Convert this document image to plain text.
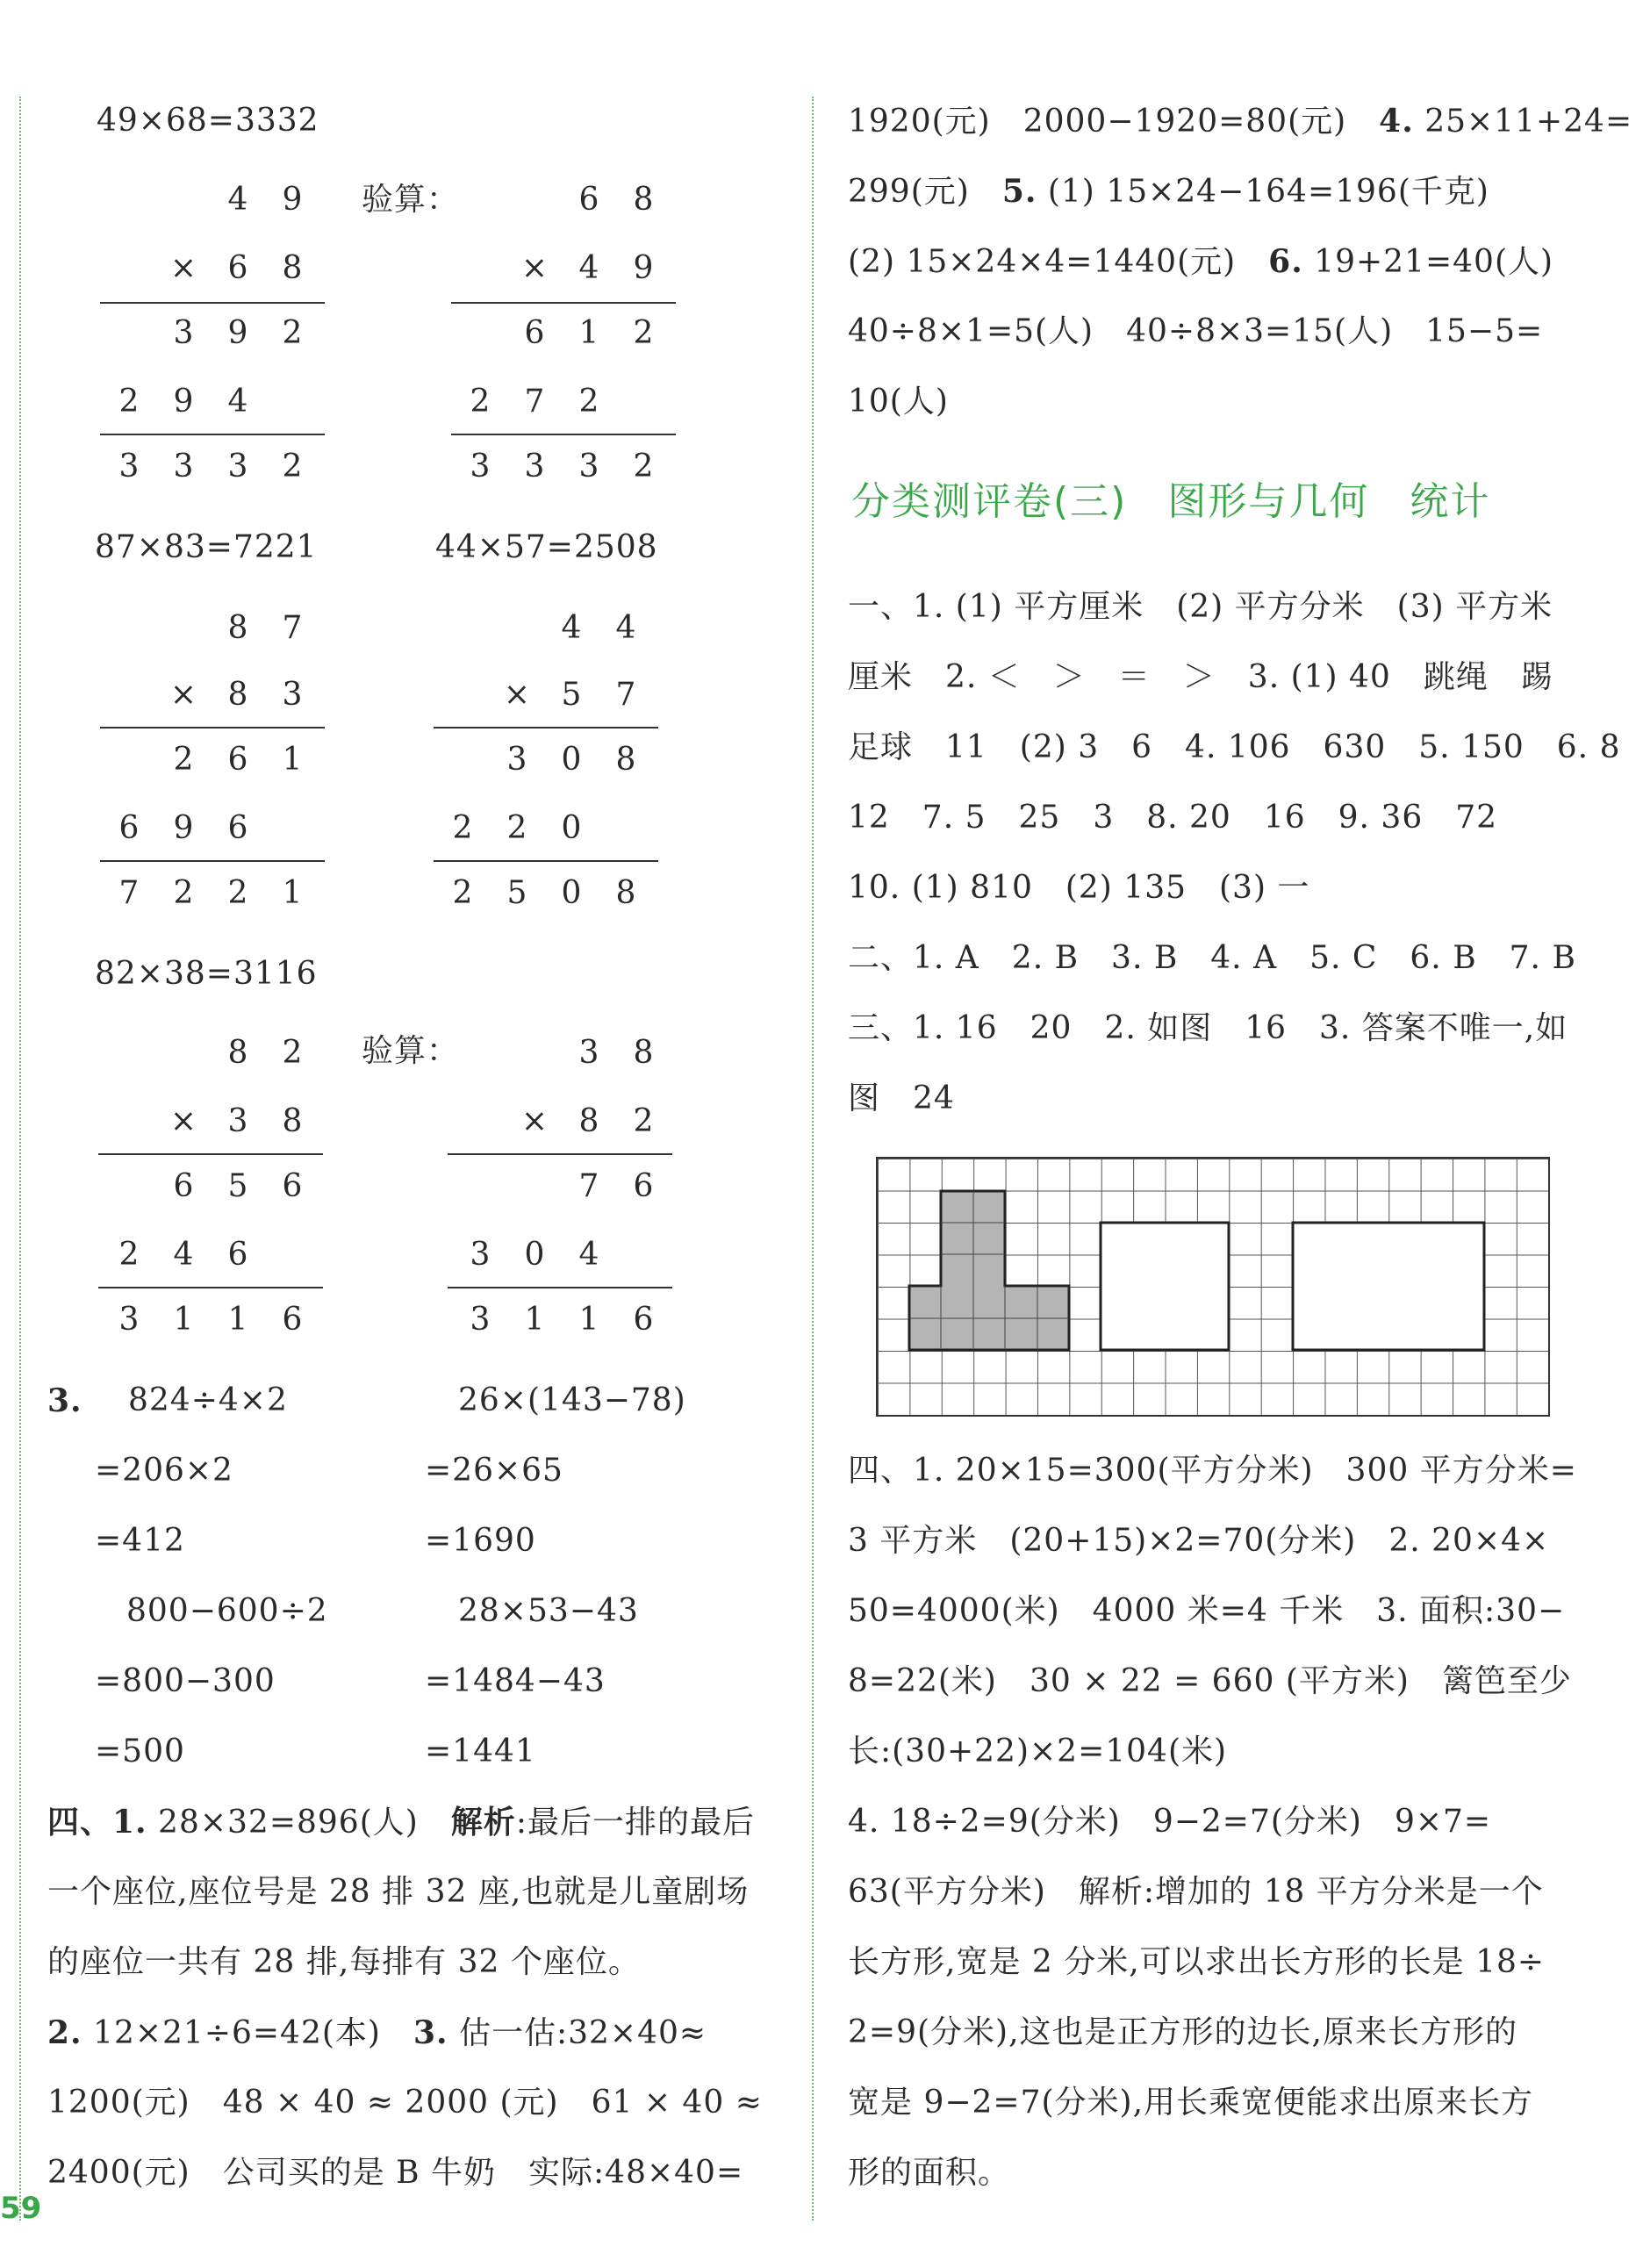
49×68=3332
验算：
4 9
× 6 8
3 9 2
2 9 4
3 3 3 2
6 8
× 4 9
6 1 2
2 7 2
3 3 3 2
87×83=7221	44×57=2508
8 7
× 8 3
2 6 1
6 9 6
7 2 2 1
4 4
× 5 7
3 0 8
2 2 0
2 5 0 8
82×38=3116
验算：
8 2
× 3 8
6 5 6
2 4 6
3 1 1 6
3 8
× 8 2
7 6
3 0 4
3 1 1 6
3. 824÷4×2
=206×2
=412
26×(143−78)
=26×65
=1690
800−600÷2
=800−300
=500
28×53−43
=1484−43
=1441
四、1. 28×32=896(人)　解析:最后一排的最后
一个座位,座位号是 28 排 32 座,也就是儿童剧场
的座位一共有 28 排,每排有 32 个座位。
2. 12×21÷6=42(本)　3. 估一估:32×40≈
1200(元)　48 × 40 ≈ 2000 (元)　61 × 40 ≈
2400(元)　公司买的是 B 牛奶　实际:48×40=
1920(元)　2000−1920=80(元)　4. 25×11+24=
299(元)　5. (1) 15×24−164=196(千克)
(2) 15×24×4=1440(元)　6. 19+21=40(人)
40÷8×1=5(人)　40÷8×3=15(人)　15−5=
10(人)
分类测评卷(三)　图形与几何　统计
一、1. (1) 平方厘米　(2) 平方分米　(3) 平方米
厘米　2. ＜　＞　＝　＞　3. (1) 40　跳绳　踢
足球　11　(2) 3　6　4. 106　630　5. 150　6. 8
12　7. 5　25　3　8. 20　16　9. 36　72
10. (1) 810　(2) 135　(3) 一
二、1. A　2. B　3. B　4. A　5. C　6. B　7. B
三、1. 16　20　2. 如图　16　3. 答案不唯一,如
图　24
四、1. 20×15=300(平方分米)　300 平方分米=
3 平方米　(20+15)×2=70(分米)　2. 20×4×
50=4000(米)　4000 米=4 千米　3. 面积:30−
8=22(米)　30 × 22 = 660 (平方米)　篱笆至少
长:(30+22)×2=104(米)
4. 18÷2=9(分米)　9−2=7(分米)　9×7=
63(平方分米)　解析:增加的 18 平方分米是一个
长方形,宽是 2 分米,可以求出长方形的长是 18÷
2=9(分米),这也是正方形的边长,原来长方形的
宽是 9−2=7(分米),用长乘宽便能求出原来长方
形的面积。
59
